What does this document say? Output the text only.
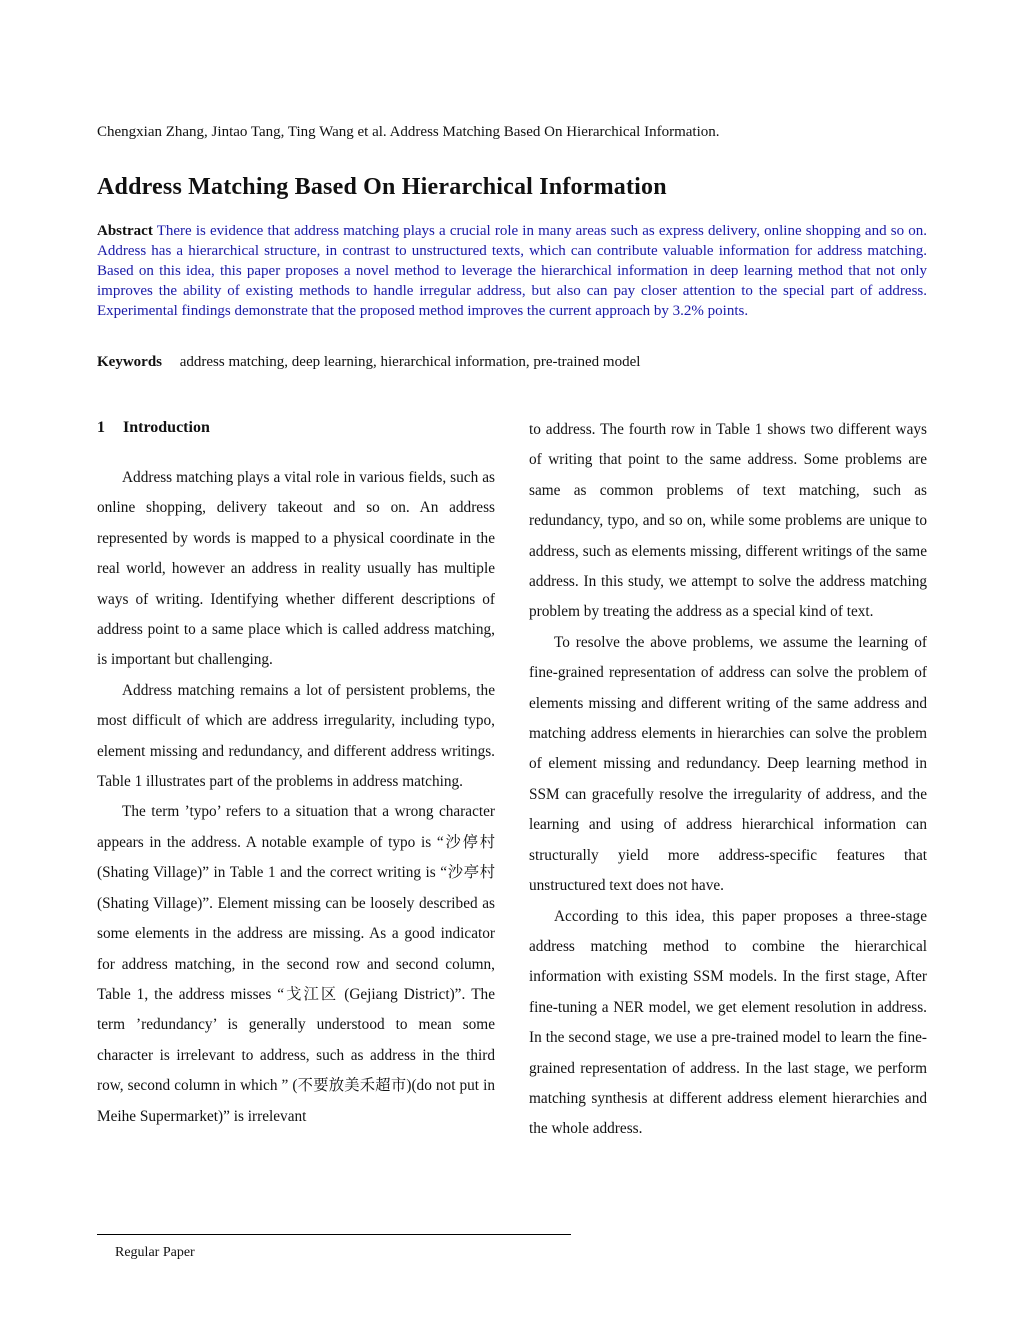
Chengxian Zhang, Jintao Tang, Ting Wang et al. Address Matching Based On Hierarchical Information.
Address Matching Based On Hierarchical Information
Abstract There is evidence that address matching plays a crucial role in many areas such as express delivery, online shopping and so on. Address has a hierarchical structure, in contrast to unstructured texts, which can contribute valuable information for address matching. Based on this idea, this paper proposes a novel method to leverage the hierarchical information in deep learning method that not only improves the ability of existing methods to handle irregular address, but also can pay closer attention to the special part of address. Experimental findings demonstrate that the proposed method improves the current approach by 3.2% points.
Keywords address matching, deep learning, hierarchical information, pre-trained model
1 Introduction

Address matching plays a vital role in various fields, such as online shopping, delivery takeout and so on. An address represented by words is mapped to a physical coordinate in the real world, however an address in reality usually has multiple ways of writing. Identifying whether different descriptions of address point to a same place which is called address matching, is important but challenging.

Address matching remains a lot of persistent problems, the most difficult of which are address irregularity, including typo, element missing and redundancy, and different address writings. Table 1 illustrates part of the problems in address matching.

The term ’typo’ refers to a situation that a wrong character appears in the address. A notable example of typo is “沙停村 (Shating Village)” in Table 1 and the correct writing is “沙亭村 (Shating Village)”. Element missing can be loosely described as some elements in the address are missing. As a good indicator for address matching, in the second row and second column, Table 1, the address misses “戈江区 (Gejiang District)”. The term ’redundancy’ is generally understood to mean some character is irrelevant to address, such as address in the third row, second column in which ” (不要放美禾超市)(do not put in Meihe Supermarket)” is irrelevant

to address. The fourth row in Table 1 shows two different ways of writing that point to the same address. Some problems are same as common problems of text matching, such as redundancy, typo, and so on, while some problems are unique to address, such as elements missing, different writings of the same address. In this study, we attempt to solve the address matching problem by treating the address as a special kind of text.

To resolve the above problems, we assume the learning of fine-grained representation of address can solve the problem of elements missing and different writing of the same address and matching address elements in hierarchies can solve the problem of element missing and redundancy. Deep learning method in SSM can gracefully resolve the irregularity of address, and the learning and using of address hierarchical information can structurally yield more address-specific features that unstructured text does not have.

According to this idea, this paper proposes a three-stage address matching method to combine the hierarchical information with existing SSM models. In the first stage, After fine-tuning a NER model, we get element resolution in address. In the second stage, we use a pre-trained model to learn the fine-grained representation of address. In the last stage, we perform matching synthesis at different address element hierarchies and the whole address.

Regular Paper
